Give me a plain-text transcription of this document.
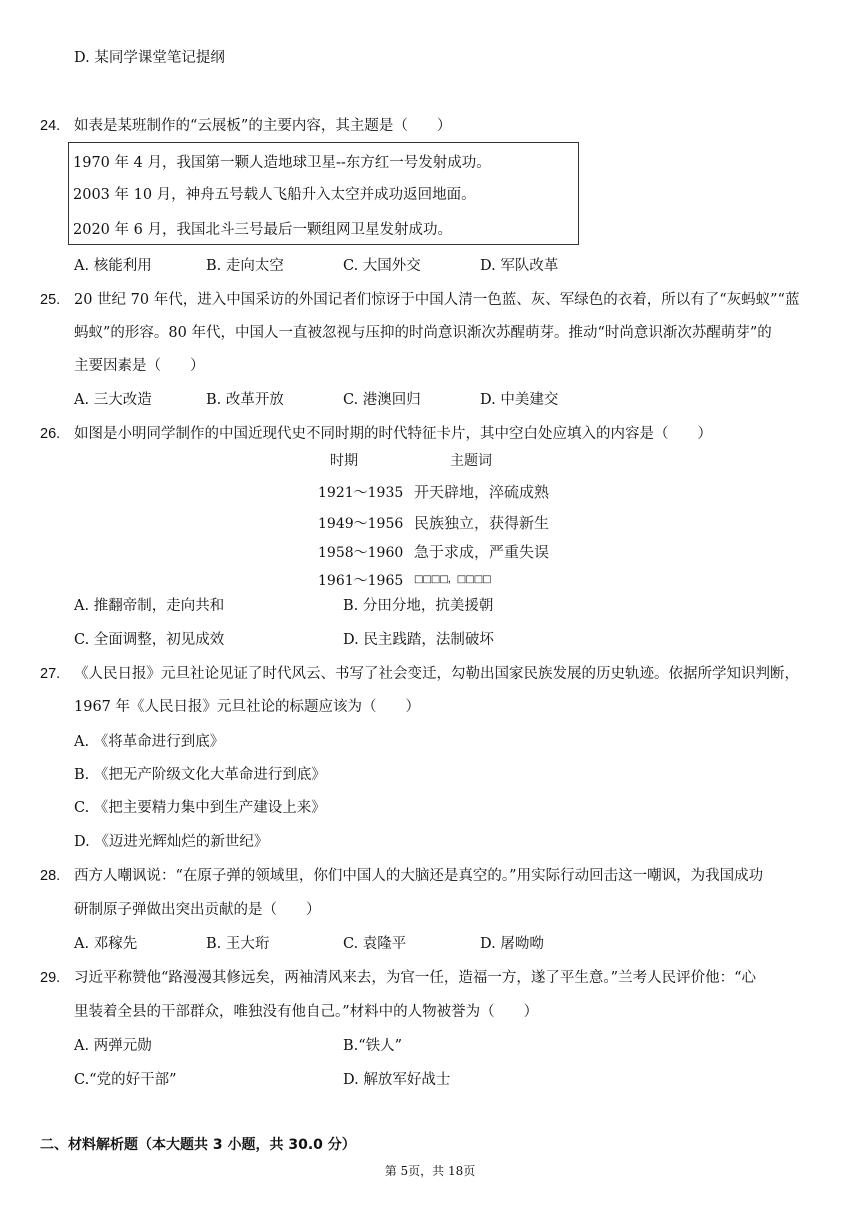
D. 某同学课堂笔记提纲
24. 如表是某班制作的“云展板”的主要内容，其主题是（　　）
1970 年 4 月，我国第一颗人造地球卫星--东方红一号发射成功。
2003 年 10 月，神舟五号载人飞船升入太空并成功返回地面。
2020 年 6 月，我国北斗三号最后一颗组网卫星发射成功。
A. 核能利用	B. 走向太空	C. 大国外交	D. 军队改革
25. 20 世纪 70 年代，进入中国采访的外国记者们惊讶于中国人清一色蓝、灰、军绿色的衣着，所以有了“灰蚂蚁”“蓝
蚂蚁”的形容。80 年代，中国人一直被忽视与压抑的时尚意识渐次苏醒萌芽。推动“时尚意识渐次苏醒萌芽”的
主要因素是（　　）
A. 三大改造	B. 改革开放	C. 港澳回归	D. 中美建交
26. 如图是小明同学制作的中国近现代史不同时期的时代特征卡片，其中空白处应填入的内容是（　　）
时期	主题词
1921～1935 开天辟地，淬硫成熟
1949～1956 民族独立，获得新生
1958～1960 急于求成，严重失误
1961～1965 □□□□，□□□□
A. 推翻帝制，走向共和	B. 分田分地，抗美援朝
C. 全面调整，初见成效	D. 民主践踏，法制破坏
27. 《人民日报》元旦社论见证了时代风云、书写了社会变迁，勾勒出国家民族发展的历史轨迹。依据所学知识判断，
1967 年《人民日报》元旦社论的标题应该为（　　）
A. 《将革命进行到底》
B. 《把无产阶级文化大革命进行到底》
C. 《把主要精力集中到生产建设上来》
D. 《迈进光辉灿烂的新世纪》
28. 西方人嘲讽说：“在原子弹的领域里，你们中国人的大脑还是真空的。”用实际行动回击这一嘲讽，为我国成功
研制原子弹做出突出贡献的是（　　）
A. 邓稼先	B. 王大珩	C. 袁隆平	D. 屠呦呦
29. 习近平称赞他“路漫漫其修远矣，两袖清风来去，为官一任，造福一方，遂了平生意。”兰考人民评价他：“心
里装着全县的干部群众，唯独没有他自己。”材料中的人物被誉为（　　）
A. 两弹元勋	B.“铁人”
C.“党的好干部”	D. 解放军好战士
二、材料解析题（本大题共 3 小题，共 30.0 分）
第 5页，共 18页
